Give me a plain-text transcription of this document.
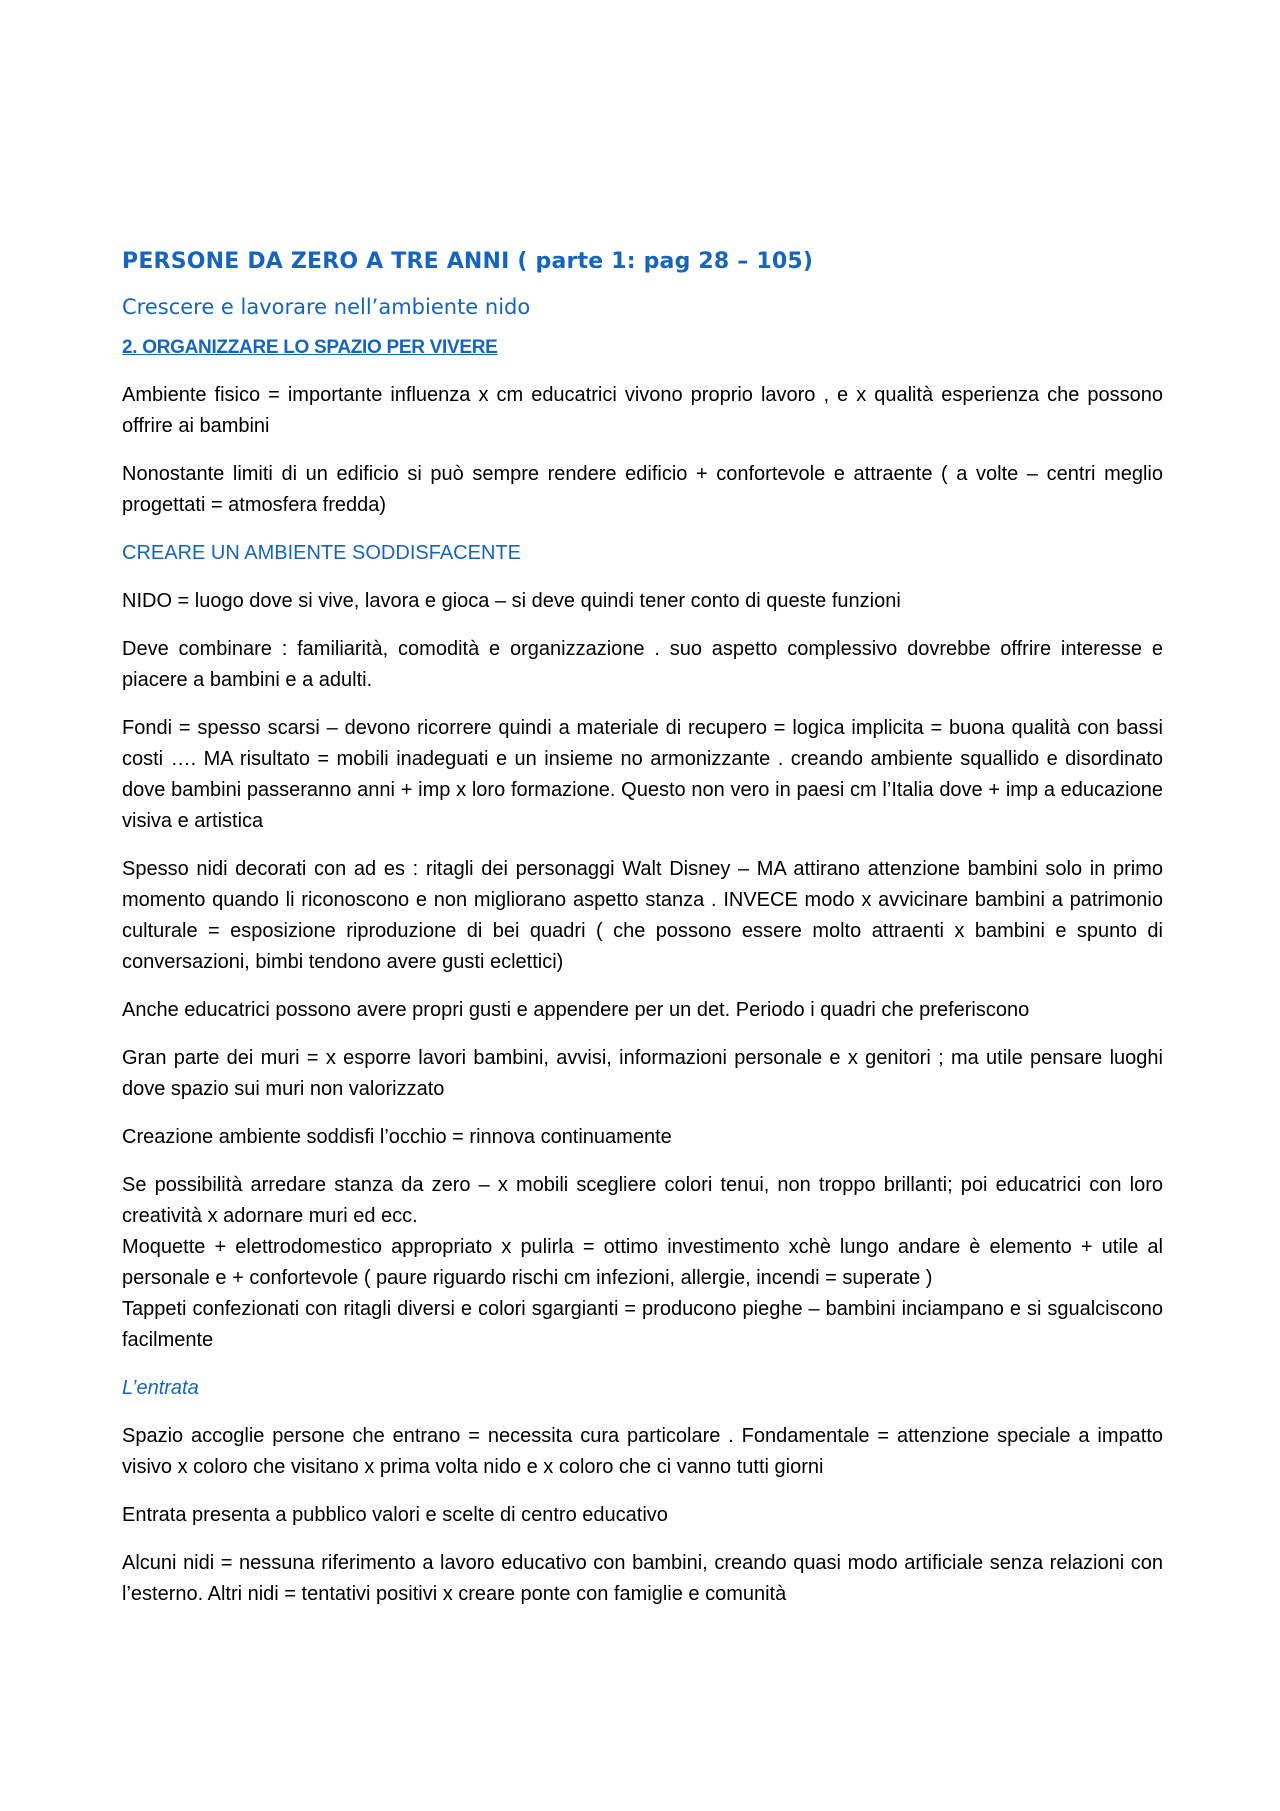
PERSONE DA ZERO A TRE ANNI ( parte 1: pag 28 – 105)
Crescere e lavorare nell’ambiente nido
2. ORGANIZZARE LO SPAZIO PER VIVERE

Ambiente fisico = importante influenza x cm educatrici vivono proprio lavoro , e x qualità esperienza che possono offrire ai bambini

Nonostante limiti di un edificio si può sempre rendere edificio + confortevole e attraente ( a volte – centri meglio progettati = atmosfera fredda)

CREARE UN AMBIENTE SODDISFACENTE

NIDO = luogo dove si vive, lavora e gioca – si deve quindi tener conto di queste funzioni

Deve combinare : familiarità, comodità e organizzazione . suo aspetto complessivo dovrebbe offrire interesse e piacere a bambini e a adulti.

Fondi = spesso scarsi – devono ricorrere quindi a materiale di recupero = logica implicita = buona qualità con bassi costi …. MA risultato = mobili inadeguati e un insieme no armonizzante . creando ambiente squallido e disordinato dove bambini passeranno anni + imp x loro formazione. Questo non vero in paesi cm l’Italia dove + imp a educazione visiva e artistica

Spesso nidi decorati con ad es : ritagli dei personaggi Walt Disney – MA attirano attenzione bambini solo in primo momento quando li riconoscono e non migliorano aspetto stanza . INVECE modo x avvicinare bambini a patrimonio culturale = esposizione riproduzione di bei quadri ( che possono essere molto attraenti x bambini e spunto di conversazioni, bimbi tendono avere gusti eclettici)

Anche educatrici possono avere propri gusti e appendere per un det. Periodo i quadri che preferiscono

Gran parte dei muri = x esporre lavori bambini, avvisi, informazioni personale e x genitori ; ma utile pensare luoghi dove spazio sui muri non valorizzato

Creazione ambiente soddisfi l’occhio = rinnova continuamente

Se possibilità arredare stanza da zero – x mobili scegliere colori tenui, non troppo brillanti; poi educatrici con loro creatività x adornare muri ed ecc.
Moquette + elettrodomestico appropriato x pulirla = ottimo investimento xchè lungo andare è elemento + utile al personale e + confortevole ( paure riguardo rischi cm infezioni, allergie, incendi = superate )
Tappeti confezionati con ritagli diversi e colori sgargianti = producono pieghe – bambini inciampano e si sgualciscono facilmente

L’entrata

Spazio accoglie persone che entrano = necessita cura particolare . Fondamentale = attenzione speciale a impatto visivo x coloro che visitano x prima volta nido e x coloro che ci vanno tutti giorni

Entrata presenta a pubblico valori e scelte di centro educativo

Alcuni nidi = nessuna riferimento a lavoro educativo con bambini, creando quasi modo artificiale senza relazioni con l’esterno. Altri nidi = tentativi positivi x creare ponte con famiglie e comunità
